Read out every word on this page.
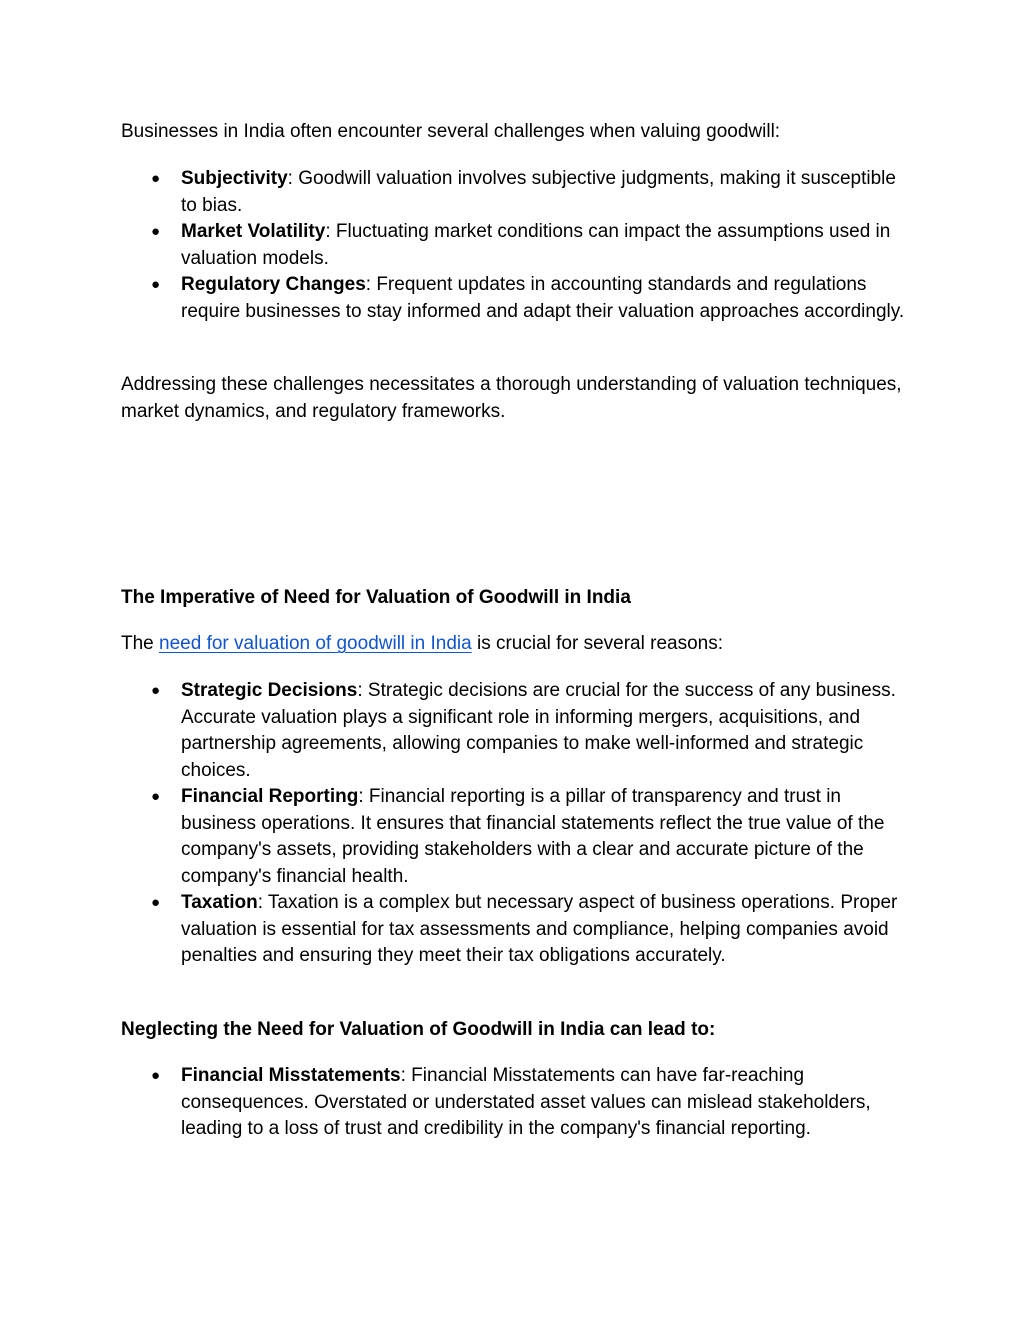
Businesses in India often encounter several challenges when valuing goodwill:

● Subjectivity: Goodwill valuation involves subjective judgments, making it susceptible to bias.
● Market Volatility: Fluctuating market conditions can impact the assumptions used in valuation models.
● Regulatory Changes: Frequent updates in accounting standards and regulations require businesses to stay informed and adapt their valuation approaches accordingly.

Addressing these challenges necessitates a thorough understanding of valuation techniques, market dynamics, and regulatory frameworks.

The Imperative of Need for Valuation of Goodwill in India

The need for valuation of goodwill in India is crucial for several reasons:

● Strategic Decisions: Strategic decisions are crucial for the success of any business. Accurate valuation plays a significant role in informing mergers, acquisitions, and partnership agreements, allowing companies to make well-informed and strategic choices.
● Financial Reporting: Financial reporting is a pillar of transparency and trust in business operations. It ensures that financial statements reflect the true value of the company's assets, providing stakeholders with a clear and accurate picture of the company's financial health.
● Taxation: Taxation is a complex but necessary aspect of business operations. Proper valuation is essential for tax assessments and compliance, helping companies avoid penalties and ensuring they meet their tax obligations accurately.

Neglecting the Need for Valuation of Goodwill in India can lead to:

● Financial Misstatements: Financial Misstatements can have far-reaching consequences. Overstated or understated asset values can mislead stakeholders, leading to a loss of trust and credibility in the company's financial reporting.
